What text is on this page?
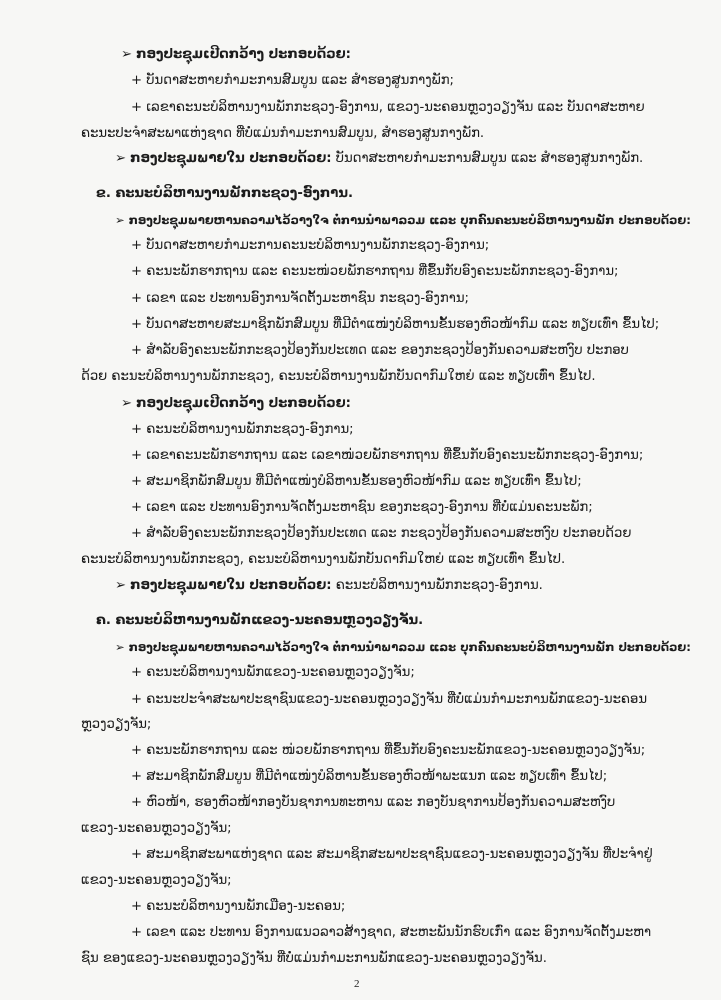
➢ ກອງປະຊຸມເປີດກວ້າງ ປະກອບດ້ວຍ:
+ ບັນດາສະຫາຍກຳມະການສົມບູນ ແລະ ສຳຮອງສູນກາງພັກ;
+ ເລຂາຄະນະບໍລິຫານງານພັກກະຊວງ-ອົງການ, ແຂວງ-ນະຄອນຫຼວງວຽງຈັນ ແລະ ບັນດາສະຫາຍ
ຄະນະປະຈຳສະພາແຫ່ງຊາດ ທີ່ບໍ່ແມ່ນກຳມະການສົມບູນ, ສຳຮອງສູນກາງພັກ.
➢ ກອງປະຊຸມພາຍໃນ ປະກອບດ້ວຍ: ບັນດາສະຫາຍກຳມະການສົມບູນ ແລະ ສຳຮອງສູນກາງພັກ.
ຂ. ຄະນະບໍລິຫານງານພັກກະຊວງ-ອົງການ.
➢ ກອງປະຊຸມພາຍຫານຄວາມໄວ້ວາງໃຈ ຕໍ່ການນຳພາລວມ ແລະ ບຸກຄົນຄະນະບໍລິຫານງານພັກ ປະກອບດ້ວຍ:
+ ບັນດາສະຫາຍກຳມະການຄະນະບໍລິຫານງານພັກກະຊວງ-ອົງການ;
+ ຄະນະພັກຮາກຖານ ແລະ ຄະນະໜ່ວຍພັກຮາກຖານ ທີ່ຂຶ້ນກັບອົງຄະນະພັກກະຊວງ-ອົງການ;
+ ເລຂາ ແລະ ປະທານອົງການຈັດຕັ້ງມະຫາຊົນ ກະຊວງ-ອົງການ;
+ ບັນດາສະຫາຍສະມາຊິກພັກສົມບູນ ທີ່ມີຕຳແໜ່ງບໍລິຫານຂັ້ນຮອງຫົວໜ້າກົມ ແລະ ທຽບເທົ່າ ຂຶ້ນໄປ;
+ ສຳລັບອົງຄະນະພັກກະຊວງປ້ອງກັນປະເທດ ແລະ ຂອງກະຊວງປ້ອງກັນຄວາມສະຫງົບ ປະກອບ
ດ້ວຍ ຄະນະບໍລິຫານງານພັກກະຊວງ, ຄະນະບໍລິຫານງານພັກບັນດາກົມໃຫຍ່ ແລະ ທຽບເທົ່າ ຂຶ້ນໄປ.
➢ ກອງປະຊຸມເປີດກວ້າງ ປະກອບດ້ວຍ:
+ ຄະນະບໍລິຫານງານພັກກະຊວງ-ອົງການ;
+ ເລຂາຄະນະພັກຮາກຖານ ແລະ ເລຂາໜ່ວຍພັກຮາກຖານ ທີ່ຂຶ້ນກັບອົງຄະນະພັກກະຊວງ-ອົງການ;
+ ສະມາຊິກພັກສົມບູນ ທີ່ມີຕຳແໜ່ງບໍລິຫານຂັ້ນຮອງຫົວໜ້າກົມ ແລະ ທຽບເທົ່າ ຂຶ້ນໄປ;
+ ເລຂາ ແລະ ປະທານອົງການຈັດຕັ້ງມະຫາຊົນ ຂອງກະຊວງ-ອົງການ ທີ່ບໍ່ແມ່ນຄະນະພັກ;
+ ສຳລັບອົງຄະນະພັກກະຊວງປ້ອງກັນປະເທດ ແລະ ກະຊວງປ້ອງກັນຄວາມສະຫງົບ ປະກອບດ້ວຍ
ຄະນະບໍລິຫານງານພັກກະຊວງ, ຄະນະບໍລິຫານງານພັກບັນດາກົມໃຫຍ່ ແລະ ທຽບເທົ່າ ຂຶ້ນໄປ.
➢ ກອງປະຊຸມພາຍໃນ ປະກອບດ້ວຍ: ຄະນະບໍລິຫານງານພັກກະຊວງ-ອົງການ.
ຄ. ຄະນະບໍລິຫານງານພັກແຂວງ-ນະຄອນຫຼວງວຽງຈັນ.
➢ ກອງປະຊຸມພາຍຫານຄວາມໄວ້ວາງໃຈ ຕໍ່ການນຳພາລວມ ແລະ ບຸກຄົນຄະນະບໍລິຫານງານພັກ ປະກອບດ້ວຍ:
+ ຄະນະບໍລິຫານງານພັກແຂວງ-ນະຄອນຫຼວງວຽງຈັນ;
+ ຄະນະປະຈຳສະພາປະຊາຊົນແຂວງ-ນະຄອນຫຼວງວຽງຈັນ ທີ່ບໍ່ແມ່ນກຳມະການພັກແຂວງ-ນະຄອນ
ຫຼວງວຽງຈັນ;
+ ຄະນະພັກຮາກຖານ ແລະ ໜ່ວຍພັກຮາກຖານ ທີ່ຂຶ້ນກັບອົງຄະນະພັກແຂວງ-ນະຄອນຫຼວງວຽງຈັນ;
+ ສະມາຊິກພັກສົມບູນ ທີ່ມີຕຳແໜ່ງບໍລິຫານຂັ້ນຮອງຫົວໜ້າພະແນກ ແລະ ທຽບເທົ່າ ຂຶ້ນໄປ;
+ ຫົວໜ້າ, ຮອງຫົວໜ້າກອງບັນຊາການທະຫານ ແລະ ກອງບັນຊາການປ້ອງກັນຄວາມສະຫງົບ
ແຂວງ-ນະຄອນຫຼວງວຽງຈັນ;
+ ສະມາຊິກສະພາແຫ່ງຊາດ ແລະ ສະມາຊິກສະພາປະຊາຊົນແຂວງ-ນະຄອນຫຼວງວຽງຈັນ ທີ່ປະຈຳຢູ່
ແຂວງ-ນະຄອນຫຼວງວຽງຈັນ;
+ ຄະນະບໍລິຫານງານພັກເມືອງ-ນະຄອນ;
+ ເລຂາ ແລະ ປະທານ ອົງການແນວລາວສ້າງຊາດ, ສະຫະພັນນັກຮົບເກົ່າ ແລະ ອົງການຈັດຕັ້ງມະຫາ
ຊົນ ຂອງແຂວງ-ນະຄອນຫຼວງວຽງຈັນ ທີ່ບໍ່ແມ່ນກຳມະການພັກແຂວງ-ນະຄອນຫຼວງວຽງຈັນ.
2
